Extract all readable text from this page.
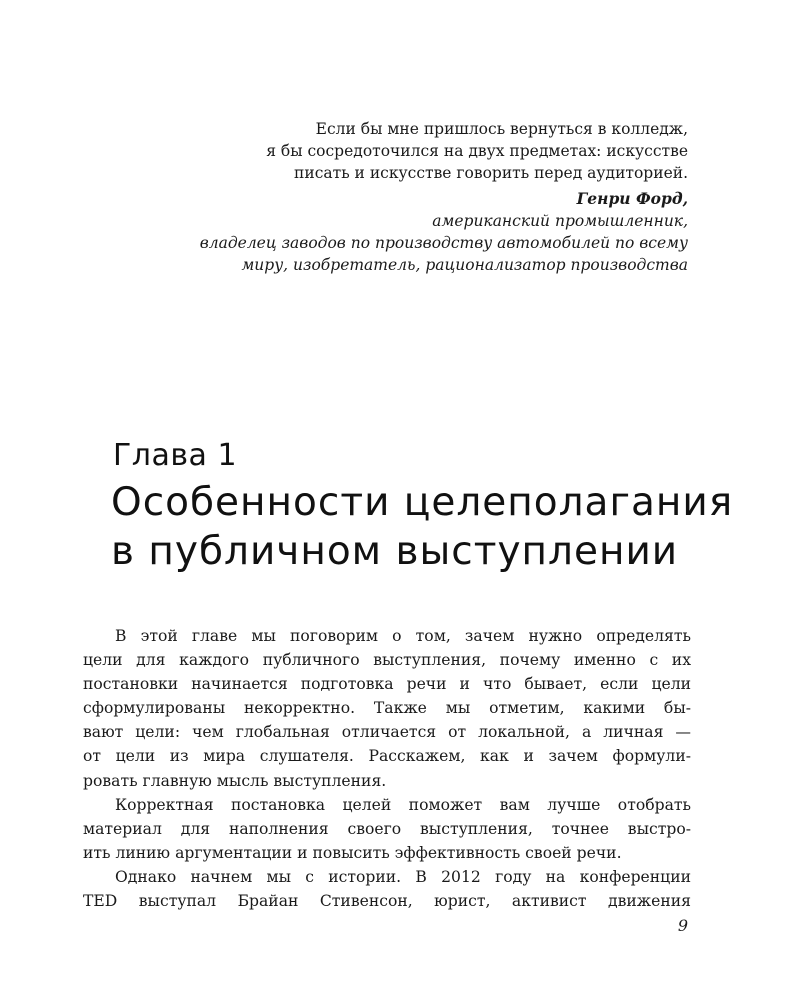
Если бы мне пришлось вернуться в колледж,
я бы сосредоточился на двух предметах: искусстве
писать и искусстве говорить перед аудиторией.
Генри Форд,
американский промышленник,
владелец заводов по производству автомобилей по всему
миру, изобретатель, рационализатор производства
Глава 1
Особенности целеполагания
в публичном выступлении
В этой главе мы поговорим о том, зачем нужно определять
цели для каждого публичного выступления, почему именно с их
постановки начинается подготовка речи и что бывает, если цели
сформулированы некорректно. Также мы отметим, какими бы-
вают цели: чем глобальная отличается от локальной, а личная —
от цели из мира слушателя. Расскажем, как и зачем формули-
ровать главную мысль выступления.
Корректная постановка целей поможет вам лучше отобрать
материал для наполнения своего выступления, точнее выстро-
ить линию аргументации и повысить эффективность своей речи.
Однако начнем мы с истории. В 2012 году на конференции
TED выступал Брайан Стивенсон, юрист, активист движения
9
